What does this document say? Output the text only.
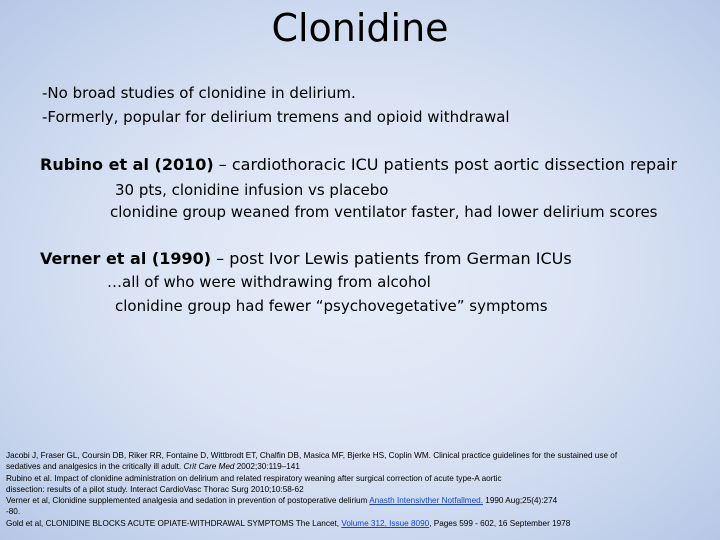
Clonidine
-No broad studies of clonidine in delirium.
-Formerly, popular for delirium tremens and opioid withdrawal
Rubino et al (2010) – cardiothoracic ICU patients post aortic dissection repair
30 pts, clonidine infusion vs placebo
clonidine group weaned from ventilator faster, had lower delirium scores
Verner et al (1990) – post Ivor Lewis patients from German ICUs
…all of who were withdrawing from alcohol
clonidine group had fewer “psychovegetative” symptoms
Jacobi J, Fraser GL, Coursin DB, Riker RR, Fontaine D, Wittbrodt ET, Chalfin DB, Masica MF, Bjerke HS, Coplin WM. Clinical practice guidelines for the sustained use of
sedatives and analgesics in the critically ill adult. Crit Care Med 2002;30:119–141
Rubino et al. Impact of clonidine administration on delirium and related respiratory weaning after surgical correction of acute type-A aortic
dissection: results of a pilot study. Interact CardioVasc Thorac Surg 2010;10:58-62
Verner et al, Clonidine supplemented analgesia and sedation in prevention of postoperative delirium Anasth Intensivther Notfallmed. 1990 Aug;25(4):274
-80.
Gold et al, CLONIDINE BLOCKS ACUTE OPIATE-WITHDRAWAL SYMPTOMS The Lancet, Volume 312, Issue 8090, Pages 599 - 602, 16 September 1978
